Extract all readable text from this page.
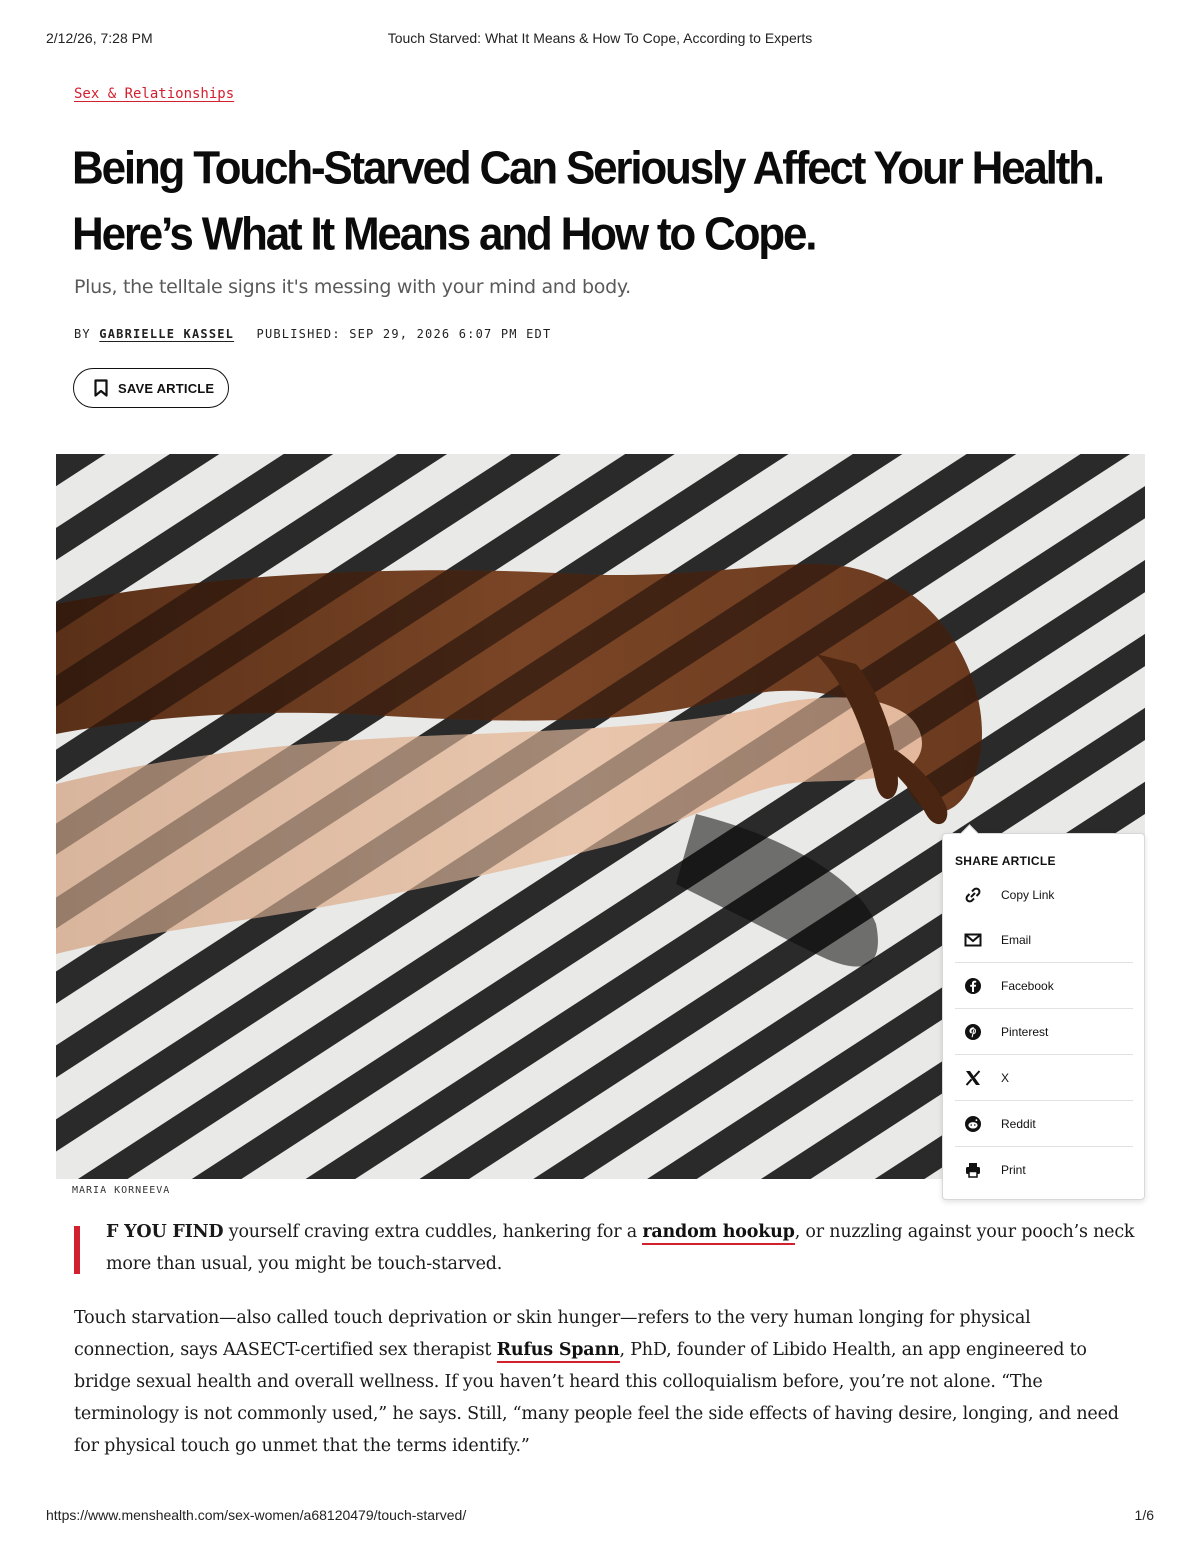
2/12/26, 7:28 PM	Touch Starved: What It Means & How To Cope, According to Experts
Sex & Relationships
Being Touch-Starved Can Seriously Affect Your Health. Here’s What It Means and How to Cope.
Plus, the telltale signs it's messing with your mind and body.
BY GABRIELLE KASSEL PUBLISHED: SEP 29, 2026 6:07 PM EDT
SAVE ARTICLE
MARIA KORNEEVA
SHARE ARTICLE
Copy Link
Email
Facebook
Pinterest
X
Reddit
Print

F YOU FIND yourself craving extra cuddles, hankering for a random hookup, or nuzzling against your pooch’s neck more than usual, you might be touch-starved.

Touch starvation—also called touch deprivation or skin hunger—refers to the very human longing for physical connection, says AASECT-certified sex therapist Rufus Spann, PhD, founder of Libido Health, an app engineered to bridge sexual health and overall wellness. If you haven’t heard this colloquialism before, you’re not alone. “The terminology is not commonly used,” he says. Still, “many people feel the side effects of having desire, longing, and need for physical touch go unmet that the terms identify.”

https://www.menshealth.com/sex-women/a68120479/touch-starved/	1/6
